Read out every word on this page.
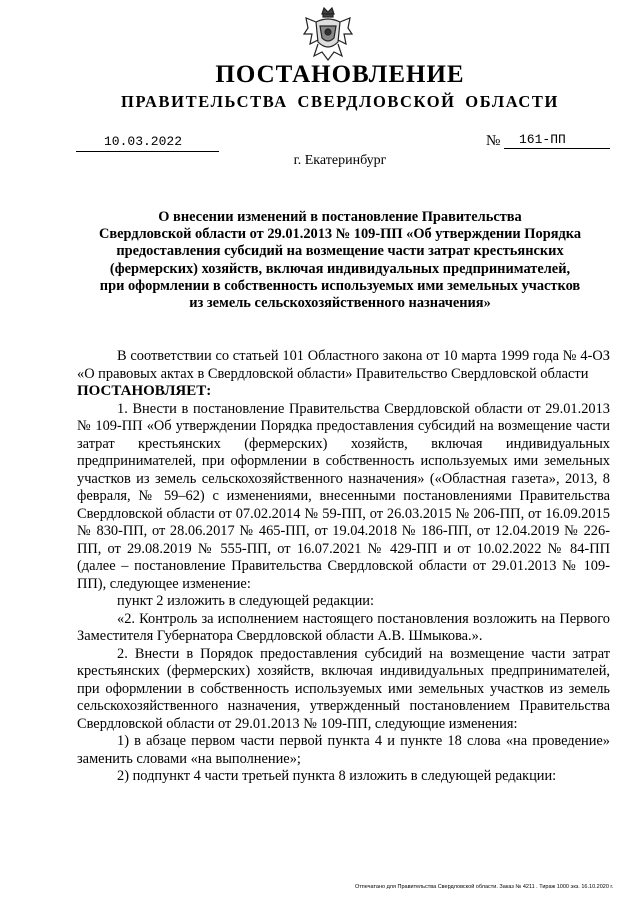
ПОСТАНОВЛЕНИЕ
ПРАВИТЕЛЬСТВА СВЕРДЛОВСКОЙ ОБЛАСТИ
10.03.2022	№ 161-ПП
г. Екатеринбург
О внесении изменений в постановление Правительства
Свердловской области от 29.01.2013 № 109-ПП «Об утверждении Порядка
предоставления субсидий на возмещение части затрат крестьянских
(фермерских) хозяйств, включая индивидуальных предпринимателей,
при оформлении в собственность используемых ими земельных участков
из земель сельскохозяйственного назначения»

В соответствии со статьей 101 Областного закона от 10 марта 1999 года № 4-ОЗ «О правовых актах в Свердловской области» Правительство Свердловской области

ПОСТАНОВЛЯЕТ:

1. Внести в постановление Правительства Свердловской области от 29.01.2013 № 109-ПП «Об утверждении Порядка предоставления субсидий на возмещение части затрат крестьянских (фермерских) хозяйств, включая индивидуальных предпринимателей, при оформлении в собственность используемых ими земельных участков из земель сельскохозяйственного назначения» («Областная газета», 2013, 8 февраля, № 59–62) с изменениями, внесенными постановлениями Правительства Свердловской области от 07.02.2014 № 59-ПП, от 26.03.2015 № 206-ПП, от 16.09.2015 № 830-ПП, от 28.06.2017 № 465-ПП, от 19.04.2018 № 186-ПП, от 12.04.2019 № 226-ПП, от 29.08.2019 № 555-ПП, от 16.07.2021 № 429-ПП и от 10.02.2022 № 84-ПП (далее – постановление Правительства Свердловской области от 29.01.2013 № 109-ПП), следующее изменение:

пункт 2 изложить в следующей редакции:

«2. Контроль за исполнением настоящего постановления возложить на Первого Заместителя Губернатора Свердловской области А.В. Шмыкова.».

2. Внести в Порядок предоставления субсидий на возмещение части затрат крестьянских (фермерских) хозяйств, включая индивидуальных предпринимателей, при оформлении в собственность используемых ими земельных участков из земель сельскохозяйственного назначения, утвержденный постановлением Правительства Свердловской области от 29.01.2013 № 109-ПП, следующие изменения:

1) в абзаце первом части первой пункта 4 и пункте 18 слова «на проведение» заменить словами «на выполнение»;

2) подпункт 4 части третьей пункта 8 изложить в следующей редакции:

Отпечатано для Правительства Свердловской области. Заказ № 4211 . Тираж 1000 экз. 16.10.2020 г.
